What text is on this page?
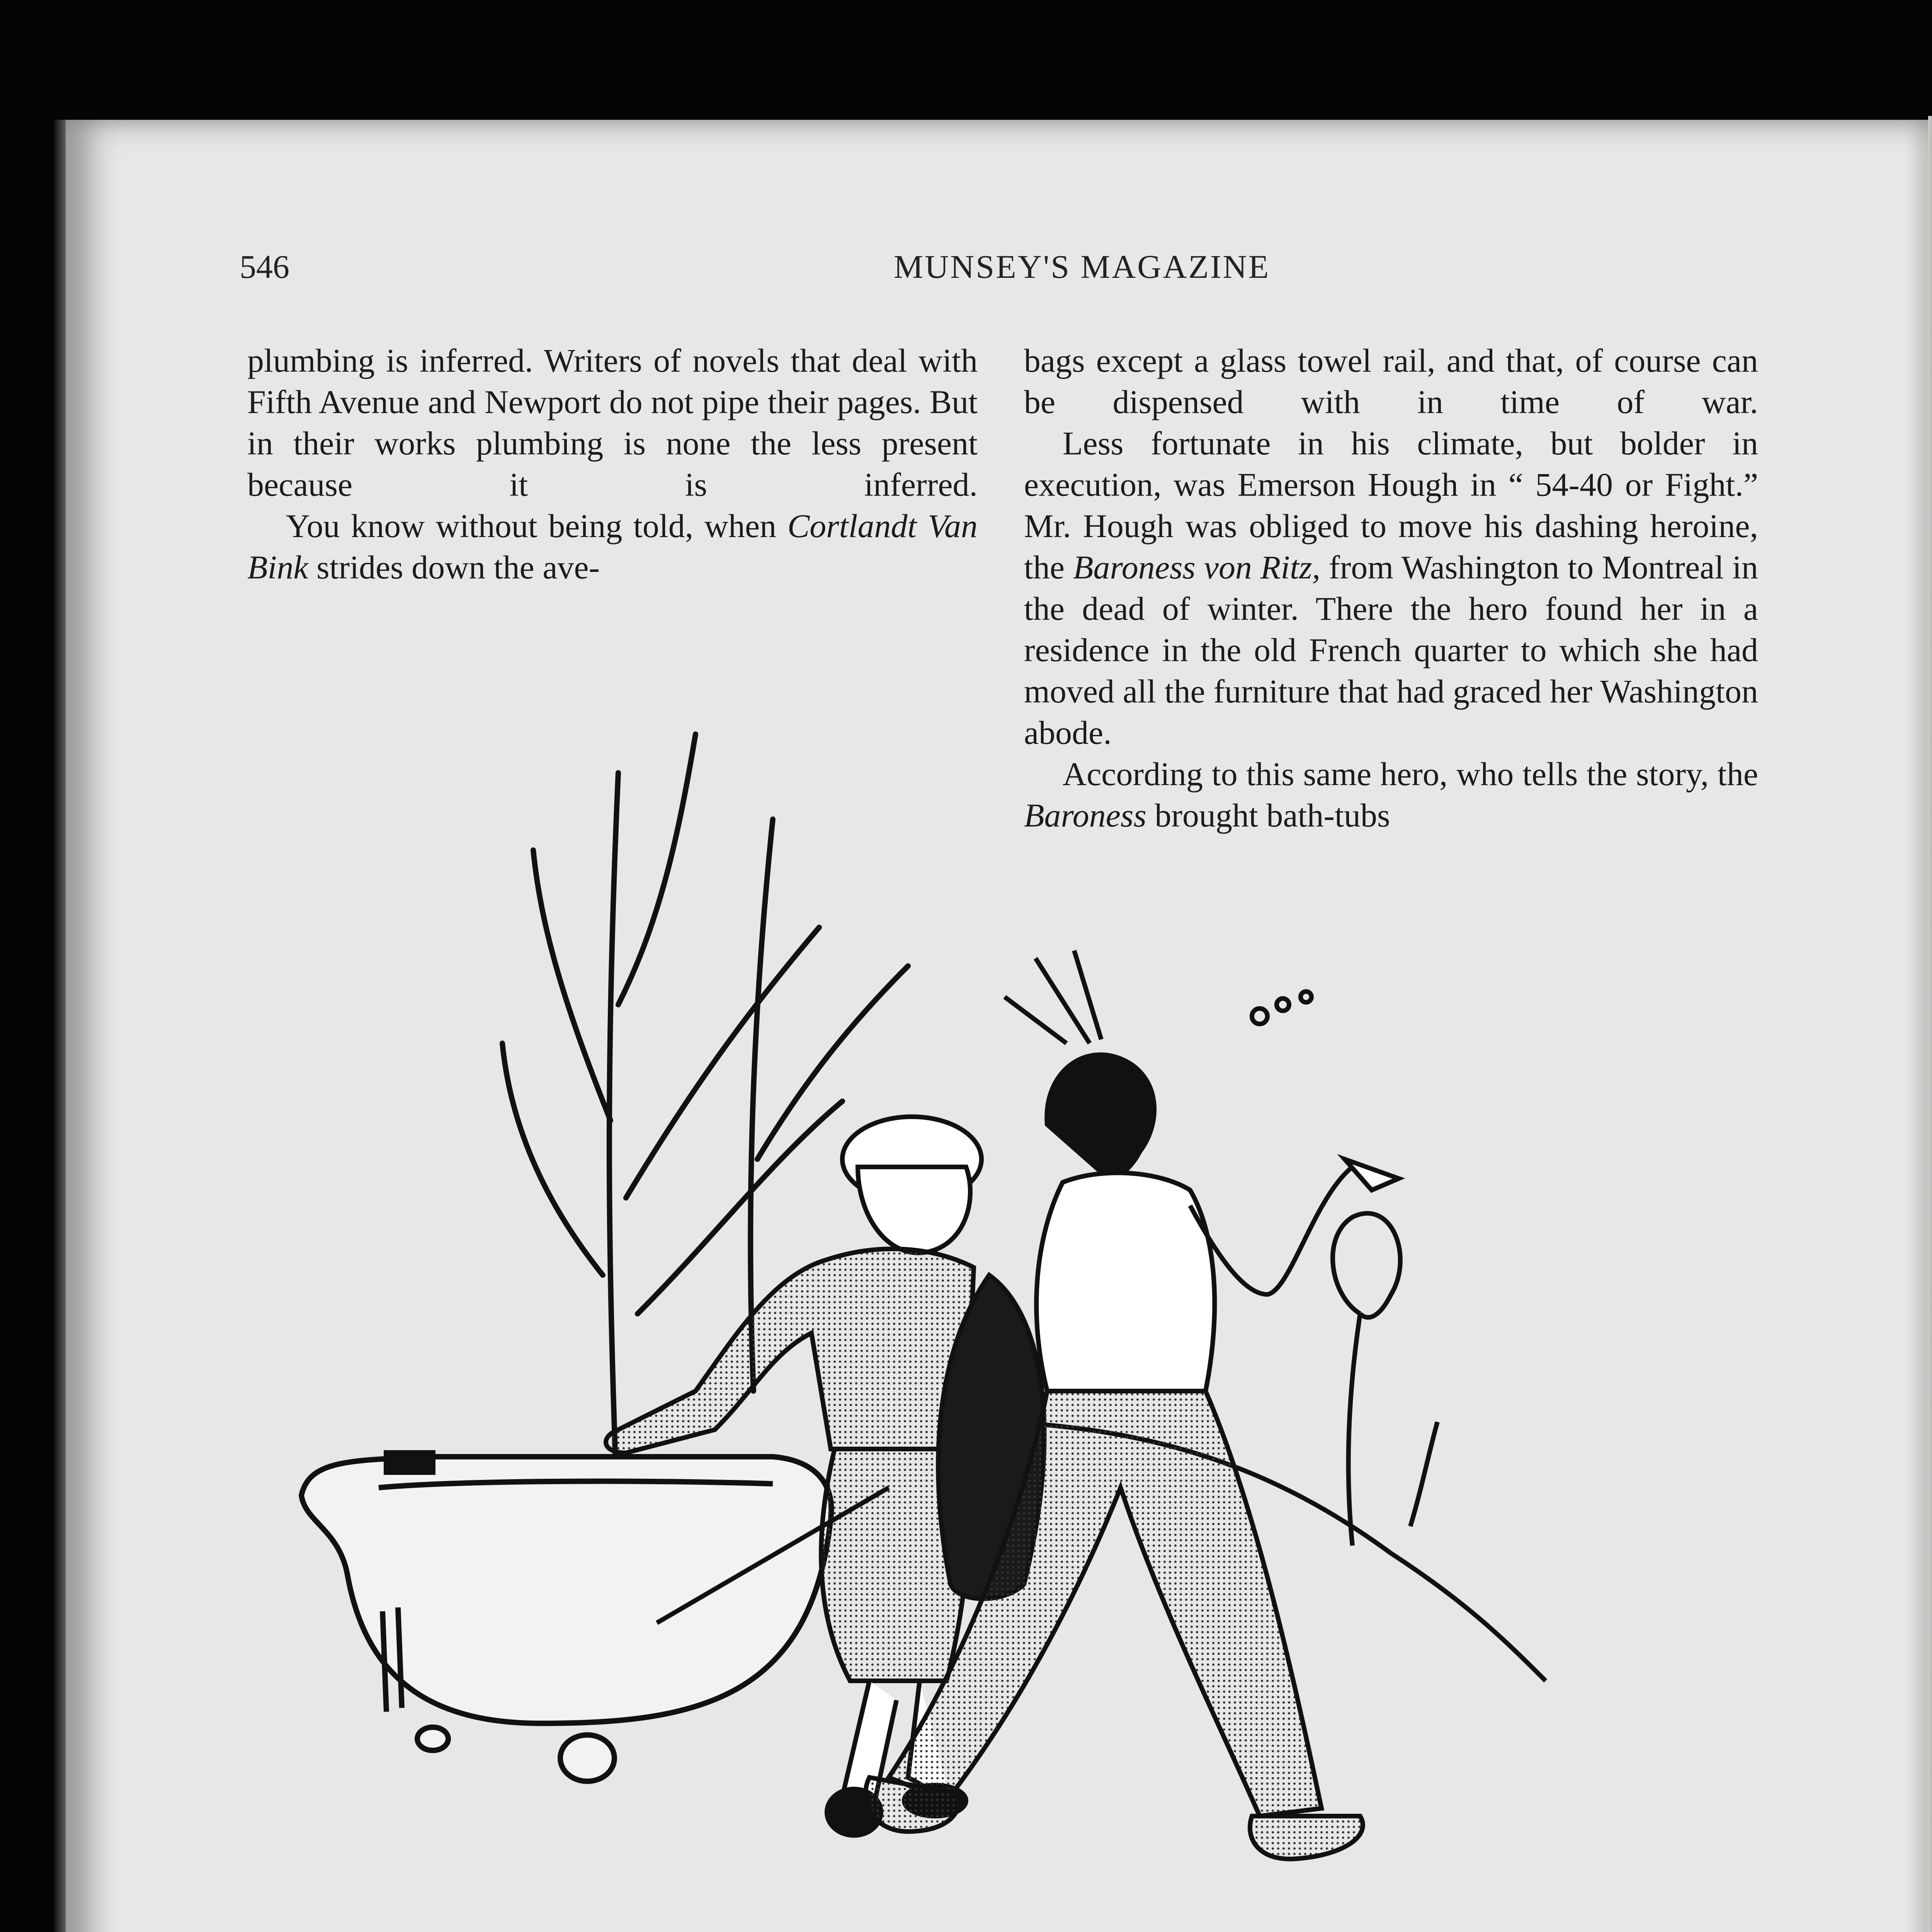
546	MUNSEY'S MAGAZINE

plumbing is inferred. Writers of novels that deal with Fifth Avenue and Newport do not pipe their pages. But in their works plumbing is none the less present because it is inferred.

You know without being told, when Cortlandt Van Bink strides down the ave-

bags except a glass towel rail, and that, of course can be dispensed with in time of war.

Less fortunate in his climate, but bolder in execution, was Emerson Hough in “ 54-40 or Fight.” Mr. Hough was obliged to move his dashing heroine, the Baroness von Ritz, from Washington to Montreal in the dead of winter. There the hero found her in a residence in the old French quarter to which she had moved all the furniture that had graced her Washington abode.

According to this same hero, who tells the story, the Baroness brought bath-tubs
